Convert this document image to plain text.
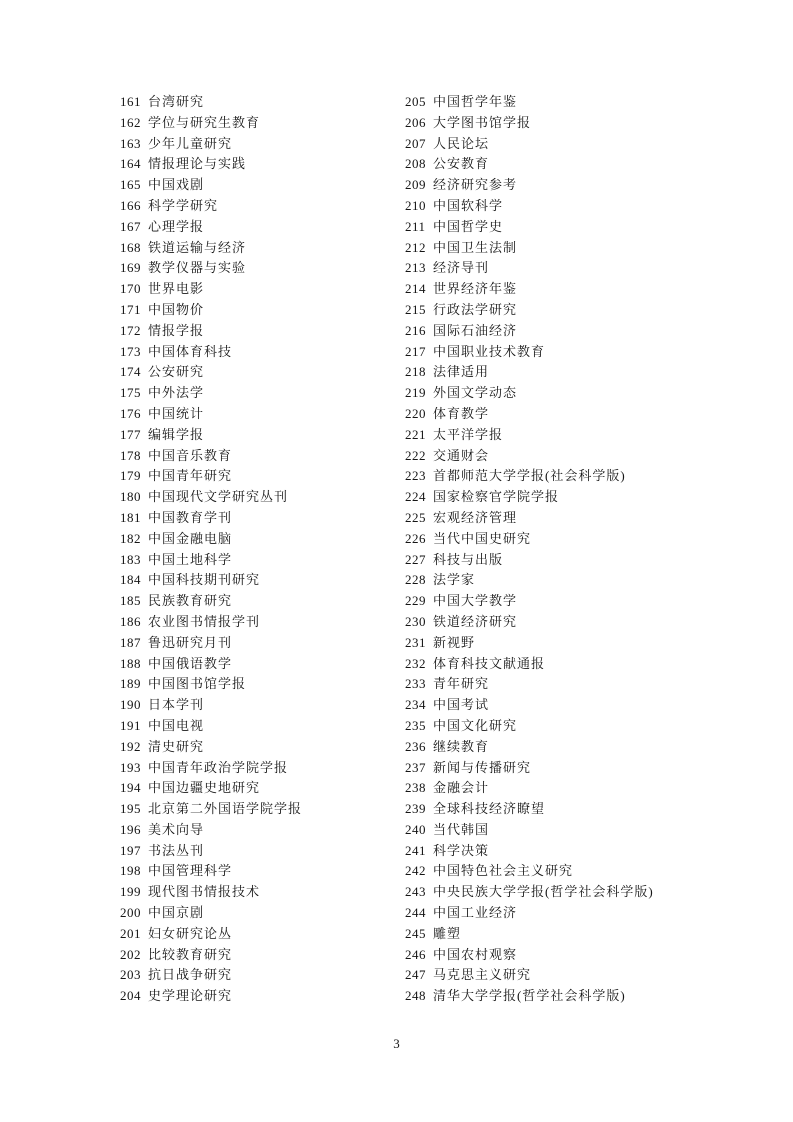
161 台湾研究
162 学位与研究生教育
163 少年儿童研究
164 情报理论与实践
165 中国戏剧
166 科学学研究
167 心理学报
168 铁道运输与经济
169 教学仪器与实验
170 世界电影
171 中国物价
172 情报学报
173 中国体育科技
174 公安研究
175 中外法学
176 中国统计
177 编辑学报
178 中国音乐教育
179 中国青年研究
180 中国现代文学研究丛刊
181 中国教育学刊
182 中国金融电脑
183 中国土地科学
184 中国科技期刊研究
185 民族教育研究
186 农业图书情报学刊
187 鲁迅研究月刊
188 中国俄语教学
189 中国图书馆学报
190 日本学刊
191 中国电视
192 清史研究
193 中国青年政治学院学报
194 中国边疆史地研究
195 北京第二外国语学院学报
196 美术向导
197 书法丛刊
198 中国管理科学
199 现代图书情报技术
200 中国京剧
201 妇女研究论丛
202 比较教育研究
203 抗日战争研究
204 史学理论研究
205 中国哲学年鉴
206 大学图书馆学报
207 人民论坛
208 公安教育
209 经济研究参考
210 中国软科学
211 中国哲学史
212 中国卫生法制
213 经济导刊
214 世界经济年鉴
215 行政法学研究
216 国际石油经济
217 中国职业技术教育
218 法律适用
219 外国文学动态
220 体育教学
221 太平洋学报
222 交通财会
223 首都师范大学学报(社会科学版)
224 国家检察官学院学报
225 宏观经济管理
226 当代中国史研究
227 科技与出版
228 法学家
229 中国大学教学
230 铁道经济研究
231 新视野
232 体育科技文献通报
233 青年研究
234 中国考试
235 中国文化研究
236 继续教育
237 新闻与传播研究
238 金融会计
239 全球科技经济瞭望
240 当代韩国
241 科学决策
242 中国特色社会主义研究
243 中央民族大学学报(哲学社会科学版)
244 中国工业经济
245 雕塑
246 中国农村观察
247 马克思主义研究
248 清华大学学报(哲学社会科学版)
3
